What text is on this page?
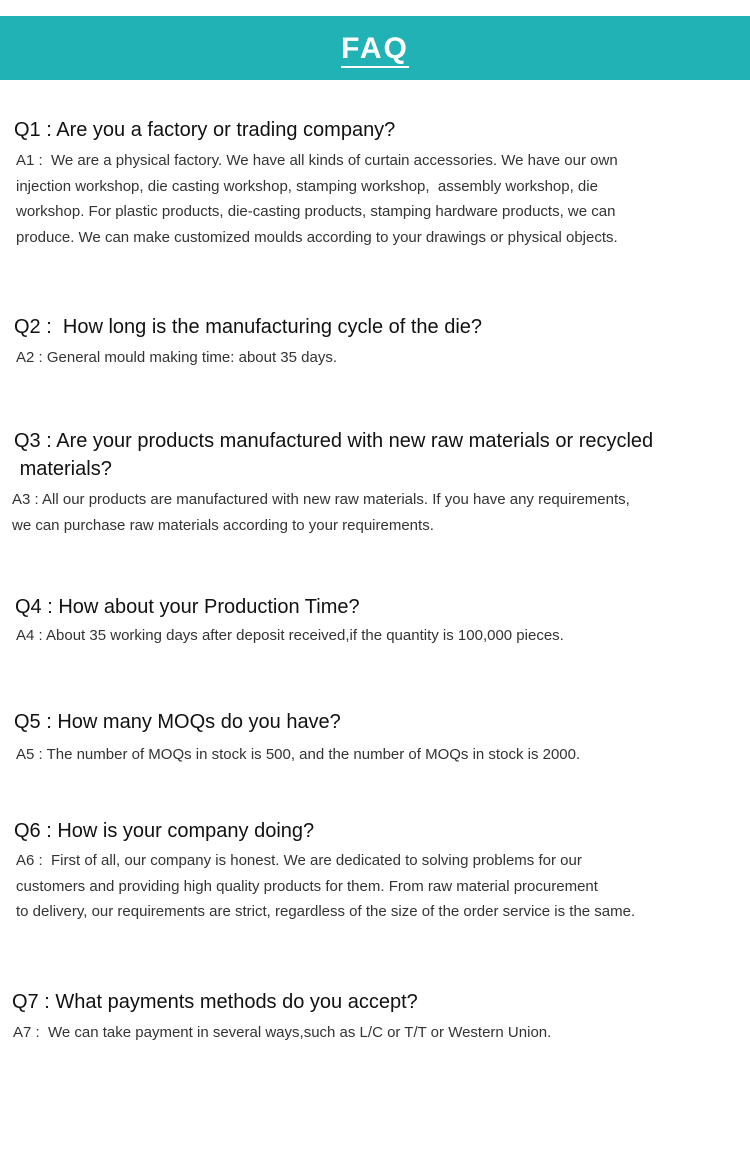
FAQ

Q1 : Are you a factory or trading company?

A1 :  We are a physical factory. We have all kinds of curtain accessories. We have our own

injection workshop, die casting workshop, stamping workshop,  assembly workshop, die

workshop. For plastic products, die-casting products, stamping hardware products, we can

produce. We can make customized moulds according to your drawings or physical objects.

Q2 :  How long is the manufacturing cycle of the die?

A2 : General mould making time: about 35 days.

Q3 : Are your products manufactured with new raw materials or recycled
materials?

A3 : All our products are manufactured with new raw materials. If you have any requirements,

we can purchase raw materials according to your requirements.

Q4 : How about your Production Time?

A4 : About 35 working days after deposit received,if the quantity is 100,000 pieces.

Q5 : How many MOQs do you have?

A5 : The number of MOQs in stock is 500, and the number of MOQs in stock is 2000.

Q6 : How is your company doing?

A6 :  First of all, our company is honest. We are dedicated to solving problems for our

customers and providing high quality products for them. From raw material procurement

to delivery, our requirements are strict, regardless of the size of the order service is the same.

Q7 : What payments methods do you accept?

A7 :  We can take payment in several ways,such as L/C or T/T or Western Union.
